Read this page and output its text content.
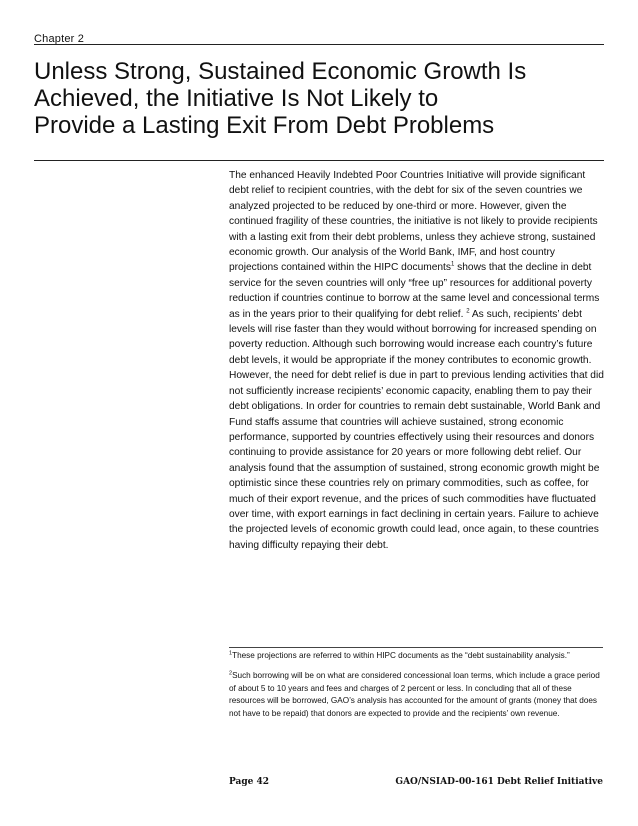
Chapter 2
Unless Strong, Sustained Economic Growth Is
Achieved, the Initiative Is Not Likely to
Provide a Lasting Exit From Debt Problems

The enhanced Heavily Indebted Poor Countries Initiative will provide significant debt relief to recipient countries, with the debt for six of the seven countries we analyzed projected to be reduced by one-third or more. However, given the continued fragility of these countries, the initiative is not likely to provide recipients with a lasting exit from their debt problems, unless they achieve strong, sustained economic growth. Our analysis of the World Bank, IMF, and host country projections contained within the HIPC documents$^1$ shows that the decline in debt service for the seven countries will only “free up” resources for additional poverty reduction if countries continue to borrow at the same level and concessional terms as in the years prior to their qualifying for debt relief. $^2$ As such, recipients’ debt levels will rise faster than they would without borrowing for increased spending on poverty reduction. Although such borrowing would increase each country’s future debt levels, it would be appropriate if the money contributes to economic growth. However, the need for debt relief is due in part to previous lending activities that did not sufficiently increase recipients’ economic capacity, enabling them to pay their debt obligations. In order for countries to remain debt sustainable, World Bank and Fund staffs assume that countries will achieve sustained, strong economic performance, supported by countries effectively using their resources and donors continuing to provide assistance for 20 years or more following debt relief. Our analysis found that the assumption of sustained, strong economic growth might be optimistic since these countries rely on primary commodities, such as coffee, for much of their export revenue, and the prices of such commodities have fluctuated over time, with export earnings in fact declining in certain years. Failure to achieve the projected levels of economic growth could lead, once again, to these countries having difficulty repaying their debt.

$^1$These projections are referred to within HIPC documents as the “debt sustainability analysis.”

$^2$Such borrowing will be on what are considered concessional loan terms, which include a grace period of about 5 to 10 years and fees and charges of 2 percent or less. In concluding that all of these resources will be borrowed, GAO’s analysis has accounted for the amount of grants (money that does not have to be repaid) that donors are expected to provide and the recipients’ own revenue.

Page 42	GAO/NSIAD-00-161 Debt Relief Initiative
